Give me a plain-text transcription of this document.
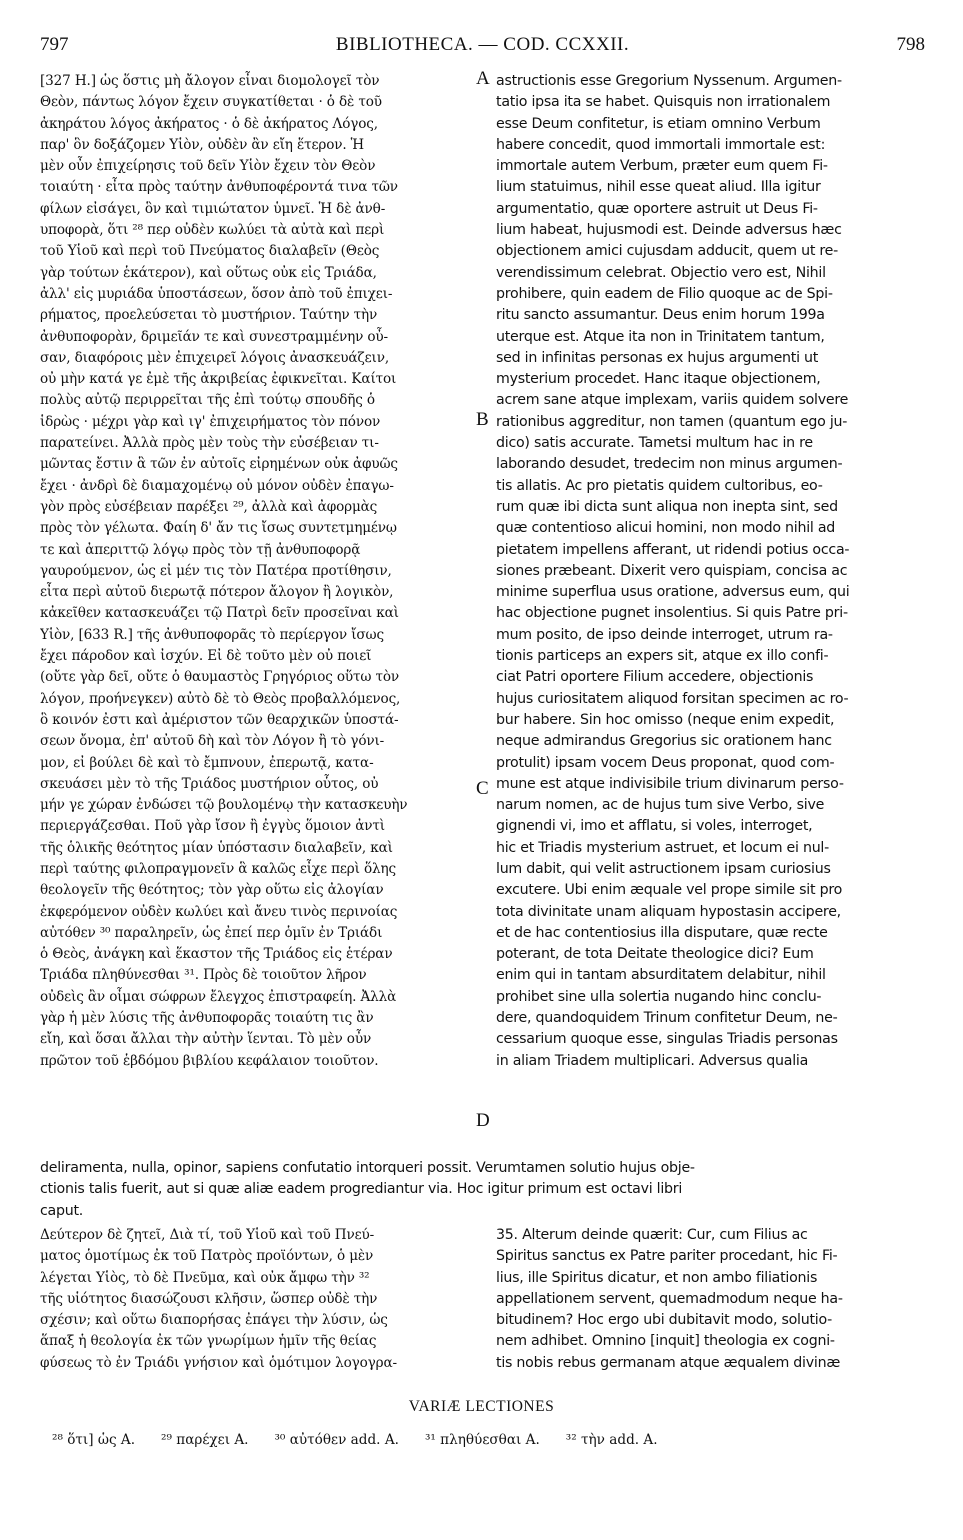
797	BIBLIOTHECA. — COD. CCXXII.	798
[327 H.] ὡς ὅστις μὴ ἄλογον εἶναι διομολογεῖ τὸν
Θεὸν, πάντως λόγον ἔχειν συγκατίθεται · ὁ δὲ τοῦ
ἀκηράτου λόγος ἀκήρατος · ὁ δὲ ἀκήρατος Λόγος,
παρ' ὃν δοξάζομεν Υἱὸν, οὐδὲν ἂν εἴη ἕτερον. Ἡ
μὲν οὖν ἐπιχείρησις τοῦ δεῖν Υἱὸν ἔχειν τὸν Θεὸν
τοιαύτη · εἶτα πρὸς ταύτην ἀνθυποφέροντά τινα τῶν
φίλων εἰσάγει, ὃν καὶ τιμιώτατον ὑμνεῖ. Ἡ δὲ ἀνθ-
υποφορὰ, ὅτι ²⁸ περ οὐδὲν κωλύει τὰ αὐτὰ καὶ περὶ
τοῦ Υἱοῦ καὶ περὶ τοῦ Πνεύματος διαλαβεῖν (Θεὸς
γὰρ τούτων ἑκάτερον), καὶ οὕτως οὐκ εἰς Τριάδα,
ἀλλ' εἰς μυριάδα ὑποστάσεων, ὅσον ἀπὸ τοῦ ἐπιχει-
ρήματος, προελεύσεται τὸ μυστήριον. Ταύτην τὴν
ἀνθυποφορὰν, δριμεῖάν τε καὶ συνεστραμμένην οὖ-
σαν, διαφόροις μὲν ἐπιχειρεῖ λόγοις ἀνασκευάζειν,
οὐ μὴν κατά γε ἐμὲ τῆς ἀκριβείας ἐφικνεῖται. Καίτοι
πολὺς αὐτῷ περιρρεῖται τῆς ἐπὶ τούτῳ σπουδῆς ὁ
ἱδρὼς · μέχρι γὰρ καὶ ιγ' ἐπιχειρήματος τὸν πόνον
παρατείνει. Ἀλλὰ πρὸς μὲν τοὺς τὴν εὐσέβειαν τι-
μῶντας ἔστιν ἃ τῶν ἐν αὐτοῖς εἰρημένων οὐκ ἀφυῶς
ἔχει · ἀνδρὶ δὲ διαμαχομένῳ οὐ μόνον οὐδὲν ἐπαγω-
γὸν πρὸς εὐσέβειαν παρέξει ²⁹, ἀλλὰ καὶ ἀφορμὰς
πρὸς τὸν γέλωτα. Φαίη δ' ἄν τις ἴσως συντετμημένῳ
τε καὶ ἀπεριττῷ λόγῳ πρὸς τὸν τῇ ἀνθυποφορᾷ
γαυρούμενον, ὡς εἰ μέν τις τὸν Πατέρα προτίθησιν,
εἶτα περὶ αὐτοῦ διερωτᾷ πότερον ἄλογον ἢ λογικὸν,
κἀκεῖθεν κατασκευάζει τῷ Πατρὶ δεῖν προσεῖναι καὶ
Υἱὸν, [633 R.] τῆς ἀνθυποφορᾶς τὸ περίεργον ἴσως
ἔχει πάροδον καὶ ἰσχύν. Εἰ δὲ τοῦτο μὲν οὐ ποιεῖ
(οὔτε γὰρ δεῖ, οὔτε ὁ θαυμαστὸς Γρηγόριος οὕτω τὸν
λόγον, προήνεγκεν) αὐτὸ δὲ τὸ Θεὸς προβαλλόμενος,
ὃ κοινόν ἐστι καὶ ἀμέριστον τῶν θεαρχικῶν ὑποστά-
σεων ὄνομα, ἐπ' αὐτοῦ δὴ καὶ τὸν Λόγον ἢ τὸ γόνι-
μον, εἰ βούλει δὲ καὶ τὸ ἔμπνουν, ἐπερωτᾷ, κατα-
σκευάσει μὲν τὸ τῆς Τριάδος μυστήριον οὗτος, οὐ
μήν γε χώραν ἐνδώσει τῷ βουλομένῳ τὴν κατασκευὴν
περιεργάζεσθαι. Ποῦ γὰρ ἴσον ἢ ἐγγὺς ὅμοιον ἀντὶ
τῆς ὁλικῆς θεότητος μίαν ὑπόστασιν διαλαβεῖν, καὶ
περὶ ταύτης φιλοπραγμονεῖν ἃ καλῶς εἶχε περὶ ὅλης
θεολογεῖν τῆς θεότητος; τὸν γὰρ οὕτω εἰς ἀλογίαν
ἐκφερόμενον οὐδὲν κωλύει καὶ ἄνευ τινὸς περινοίας
αὐτόθεν ³⁰ παραληρεῖν, ὡς ἐπεί περ ὁμῖν ἐν Τριάδι
ὁ Θεὸς, ἀνάγκη καὶ ἕκαστον τῆς Τριάδος εἰς ἑτέραν
Τριάδα πληθύνεσθαι ³¹. Πρὸς δὲ τοιοῦτον λῆρον
οὐδεὶς ἂν οἶμαι σώφρων ἔλεγχος ἐπιστραφείη. Ἀλλὰ
γὰρ ἡ μὲν λύσις τῆς ἀνθυποφορᾶς τοιαύτη τις ἂν
εἴη, καὶ ὅσαι ἄλλαι τὴν αὐτὴν ἵενται. Τὸ μὲν οὖν
πρῶτον τοῦ ἑβδόμου βιβλίου κεφάλαιον τοιοῦτον.
astructionis esse Gregorium Nyssenum. Argumen-
tatio ipsa ita se habet. Quisquis non irrationalem
esse Deum confitetur, is etiam omnino Verbum
habere concedit, quod immortali immortale est:
immortale autem Verbum, præter eum quem Fi-
lium statuimus, nihil esse queat aliud. Illa igitur
argumentatio, quæ oportere astruit ut Deus Fi-
lium habeat, hujusmodi est. Deinde adversus hæc
objectionem amici cujusdam adducit, quem ut re-
verendissimum celebrat. Objectio vero est, Nihil
prohibere, quin eadem de Filio quoque ac de Spi-
ritu sancto assumantur. Deus enim horum 199a
uterque est. Atque ita non in Trinitatem tantum,
sed in infinitas personas ex hujus argumenti ut
mysterium procedet. Hanc itaque objectionem,
acrem sane atque implexam, variis quidem solvere
rationibus aggreditur, non tamen (quantum ego ju-
dico) satis accurate. Tametsi multum hac in re
laborando desudet, tredecim non minus argumen-
tis allatis. Ac pro pietatis quidem cultoribus, eo-
rum quæ ibi dicta sunt aliqua non inepta sint, sed
quæ contentioso alicui homini, non modo nihil ad
pietatem impellens afferant, ut ridendi potius occa-
siones præbeant. Dixerit vero quispiam, concisa ac
minime superflua usus oratione, adversus eum, qui
hac objectione pugnet insolentius. Si quis Patre pri-
mum posito, de ipso deinde interroget, utrum ra-
tionis particeps an expers sit, atque ex illo confi-
ciat Patri oportere Filium accedere, objectionis
hujus curiositatem aliquod forsitan specimen ac ro-
bur habere. Sin hoc omisso (neque enim expedit,
neque admirandus Gregorius sic orationem hanc
protulit) ipsam vocem Deus proponat, quod com-
mune est atque indivisibile trium divinarum perso-
narum nomen, ac de hujus tum sive Verbo, sive
gignendi vi, imo et afflatu, si voles, interroget,
hic et Triadis mysterium astruet, et locum ei nul-
lum dabit, qui velit astructionem ipsam curiosius
excutere. Ubi enim æquale vel prope simile sit pro
tota divinitate unam aliquam hypostasin accipere,
et de hac contentiosius illa disputare, quæ recte
poterant, de tota Deitate theologice dici? Eum
enim qui in tantam absurditatem delabitur, nihil
prohibet sine ulla solertia nugando hinc conclu-
dere, quandoquidem Trinum confitetur Deum, ne-
cessarium quoque esse, singulas Triadis personas
in aliam Triadem multiplicari. Adversus qualia
A
B
C
D
deliramenta, nulla, opinor, sapiens confutatio intorqueri possit. Verumtamen solutio hujus obje-
ctionis talis fuerit, aut si quæ aliæ eadem progrediantur via. Hoc igitur primum est octavi libri
caput.
Δεύτερον δὲ ζητεῖ, Διὰ τί, τοῦ Υἱοῦ καὶ τοῦ Πνεύ-
ματος ὁμοτίμως ἐκ τοῦ Πατρὸς προϊόντων, ὁ μὲν
λέγεται Υἱὸς, τὸ δὲ Πνεῦμα, καὶ οὐκ ἄμφω τὴν ³²
τῆς υἱότητος διασώζουσι κλῆσιν, ὥσπερ οὐδὲ τὴν
σχέσιν; καὶ οὕτω διαπορήσας ἐπάγει τὴν λύσιν, ὡς
ἅπαξ ἡ θεολογία ἐκ τῶν γνωρίμων ἡμῖν τῆς θείας
φύσεως τὸ ἐν Τριάδι γνήσιον καὶ ὁμότιμον λογογρα-
35. Alterum deinde quærit: Cur, cum Filius ac
Spiritus sanctus ex Patre pariter procedant, hic Fi-
lius, ille Spiritus dicatur, et non ambo filiationis
appellationem servent, quemadmodum neque ha-
bitudinem? Hoc ergo ubi dubitavit modo, solutio-
nem adhibet. Omnino [inquit] theologia ex cogni-
tis nobis rebus germanam atque æqualem divinæ
VARIÆ LECTIONES
²⁸ ὅτι] ὡς A. ²⁹ παρέχει A. ³⁰ αὐτόθεν add. A. ³¹ πληθύεσθαι A. ³² τὴν add. A.
